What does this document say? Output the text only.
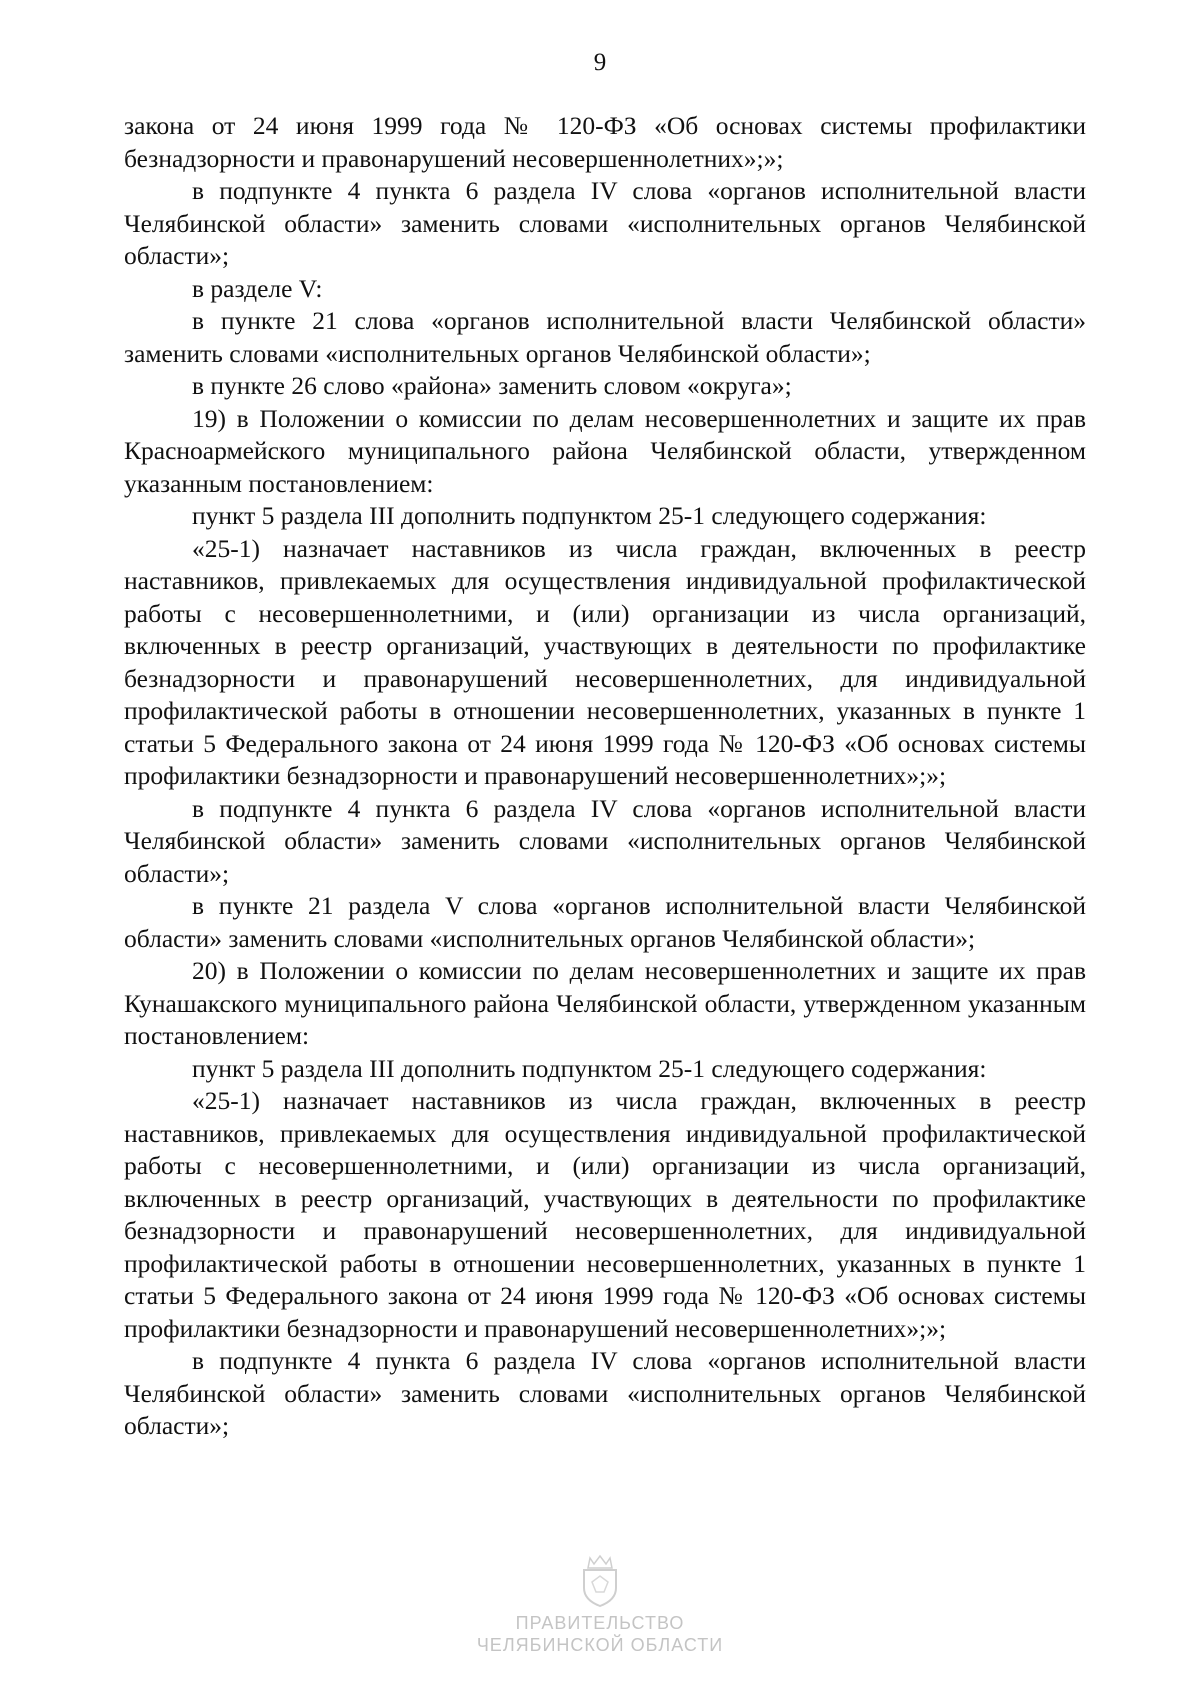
9

закона от 24 июня 1999 года № 120-ФЗ «Об основах системы профилактики безнадзорности и правонарушений несовершеннолетних»;»;

в подпункте 4 пункта 6 раздела IV слова «органов исполнительной власти Челябинской области» заменить словами «исполнительных органов Челябинской области»;

в разделе V:

в пункте 21 слова «органов исполнительной власти Челябинской области» заменить словами «исполнительных органов Челябинской области»;

в пункте 26 слово «района» заменить словом «округа»;

19) в Положении о комиссии по делам несовершеннолетних и защите их прав Красноармейского муниципального района Челябинской области, утвержденном указанным постановлением:

пункт 5 раздела III дополнить подпунктом 25-1 следующего содержания:

«25-1) назначает наставников из числа граждан, включенных в реестр наставников, привлекаемых для осуществления индивидуальной профилактической работы с несовершеннолетними, и (или) организации из числа организаций, включенных в реестр организаций, участвующих в деятельности по профилактике безнадзорности и правонарушений несовершеннолетних, для индивидуальной профилактической работы в отношении несовершеннолетних, указанных в пункте 1 статьи 5 Федерального закона от 24 июня 1999 года № 120-ФЗ «Об основах системы профилактики безнадзорности и правонарушений несовершеннолетних»;»;

в подпункте 4 пункта 6 раздела IV слова «органов исполнительной власти Челябинской области» заменить словами «исполнительных органов Челябинской области»;

в пункте 21 раздела V слова «органов исполнительной власти Челябинской области» заменить словами «исполнительных органов Челябинской области»;

20) в Положении о комиссии по делам несовершеннолетних и защите их прав Кунашакского муниципального района Челябинской области, утвержденном указанным постановлением:

пункт 5 раздела III дополнить подпунктом 25-1 следующего содержания:

«25-1) назначает наставников из числа граждан, включенных в реестр наставников, привлекаемых для осуществления индивидуальной профилактической работы с несовершеннолетними, и (или) организации из числа организаций, включенных в реестр организаций, участвующих в деятельности по профилактике безнадзорности и правонарушений несовершеннолетних, для индивидуальной профилактической работы в отношении несовершеннолетних, указанных в пункте 1 статьи 5 Федерального закона от 24 июня 1999 года № 120-ФЗ «Об основах системы профилактики безнадзорности и правонарушений несовершеннолетних»;»;

в подпункте 4 пункта 6 раздела IV слова «органов исполнительной власти Челябинской области» заменить словами «исполнительных органов Челябинской области»;

ПРАВИТЕЛЬСТВО
ЧЕЛЯБИНСКОЙ ОБЛАСТИ
